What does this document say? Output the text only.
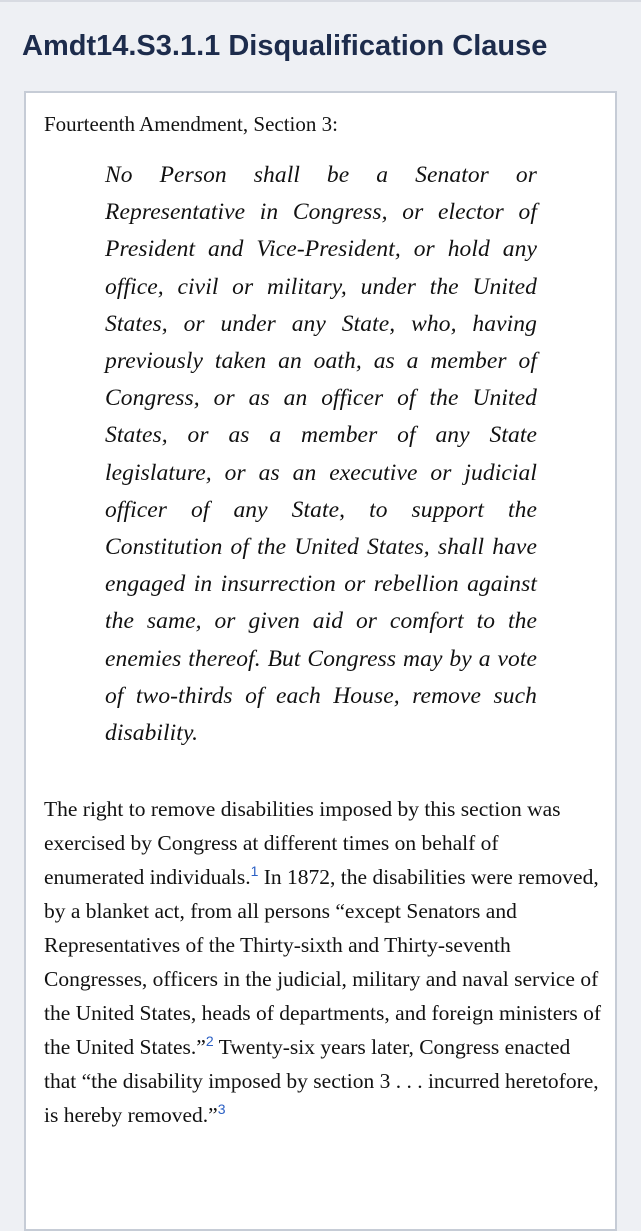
Amdt14.S3.1.1 Disqualification Clause

Fourteenth Amendment, Section 3:

No Person shall be a Senator or Representative in Congress, or elector of President and Vice-President, or hold any office, civil or military, under the United States, or under any State, who, having previously taken an oath, as a member of Congress, or as an officer of the United States, or as a member of any State legislature, or as an executive or judicial officer of any State, to support the Constitution of the United States, shall have engaged in insurrection or rebellion against the same, or given aid or comfort to the enemies thereof. But Congress may by a vote of two-thirds of each House, remove such disability.

The right to remove disabilities imposed by this section was exercised by Congress at different times on behalf of enumerated individuals.$^1$ In 1872, the disabilities were removed, by a blanket act, from all persons “except Senators and Representatives of the Thirty-sixth and Thirty-seventh Congresses, officers in the judicial, military and naval service of the United States, heads of departments, and foreign ministers of the United States.”$^2$ Twenty-six years later, Congress enacted that “the disability imposed by section 3 . . . incurred heretofore, is hereby removed.”$^3$
